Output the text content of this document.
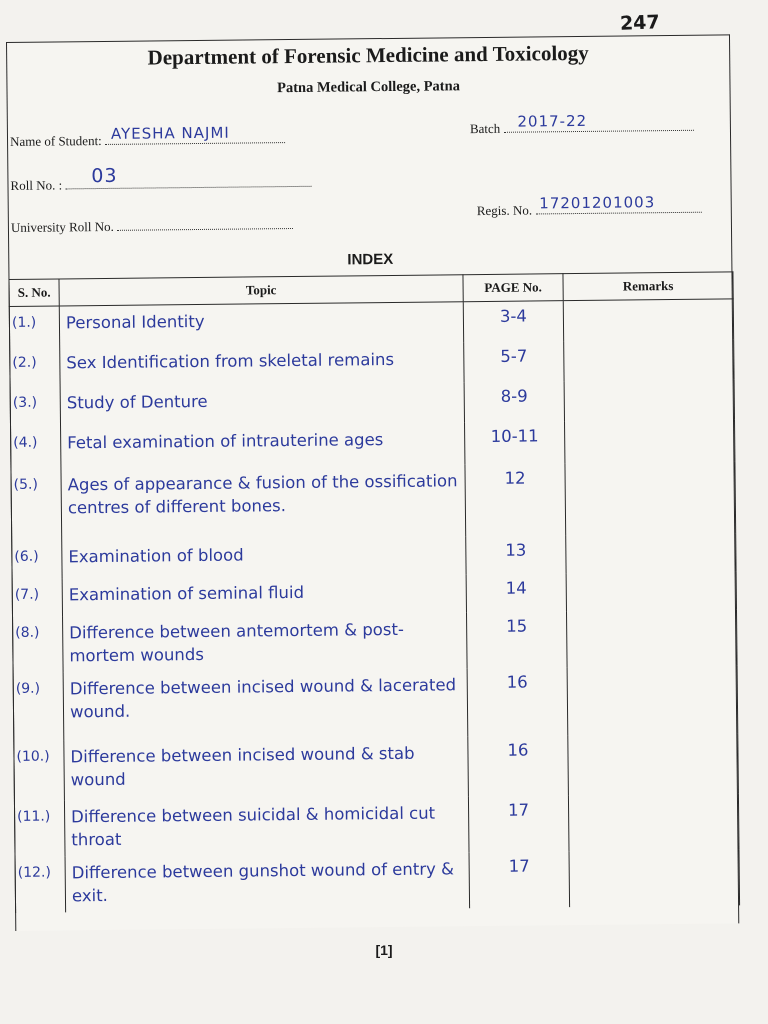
247
Department of Forensic Medicine and Toxicology
Patna Medical College, Patna
Name of Student: AYESHA NAJMI	Batch 2017-22
Roll No. : 03
University Roll No.
Regis. No. 17201201003
INDEX
S. No.	Topic	PAGE No.	Remarks
(1.)	Personal Identity	3-4	
(2.)	Sex Identification from skeletal remains	5-7	
(3.)	Study of Denture	8-9	
(4.)	Fetal examination of intrauterine ages	10-11	
(5.)	Ages of appearance & fusion of the ossification centres of different bones.	12	
(6.)	Examination of blood	13	
(7.)	Examination of seminal fluid	14	
(8.)	Difference between antemortem & post-mortem wounds	15	
(9.)	Difference between incised wound & lacerated wound.	16	
(10.)	Difference between incised wound & stab wound	16	
(11.)	Difference between suicidal & homicidal cut throat	17	
(12.)	Difference between gunshot wound of entry & exit.	17	
[1]
